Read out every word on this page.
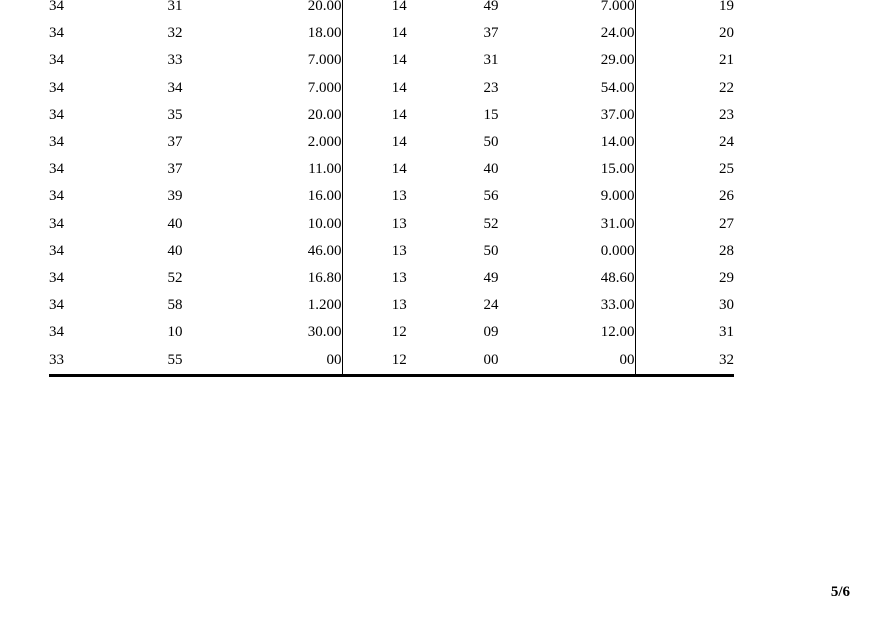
34	31	20.00	14	49	7.000	19
34	32	18.00	14	37	24.00	20
34	33	7.000	14	31	29.00	21
34	34	7.000	14	23	54.00	22
34	35	20.00	14	15	37.00	23
34	37	2.000	14	50	14.00	24
34	37	11.00	14	40	15.00	25
34	39	16.00	13	56	9.000	26
34	40	10.00	13	52	31.00	27
34	40	46.00	13	50	0.000	28
34	52	16.80	13	49	48.60	29
34	58	1.200	13	24	33.00	30
34	10	30.00	12	09	12.00	31
33	55	00	12	00	00	32
5/6
